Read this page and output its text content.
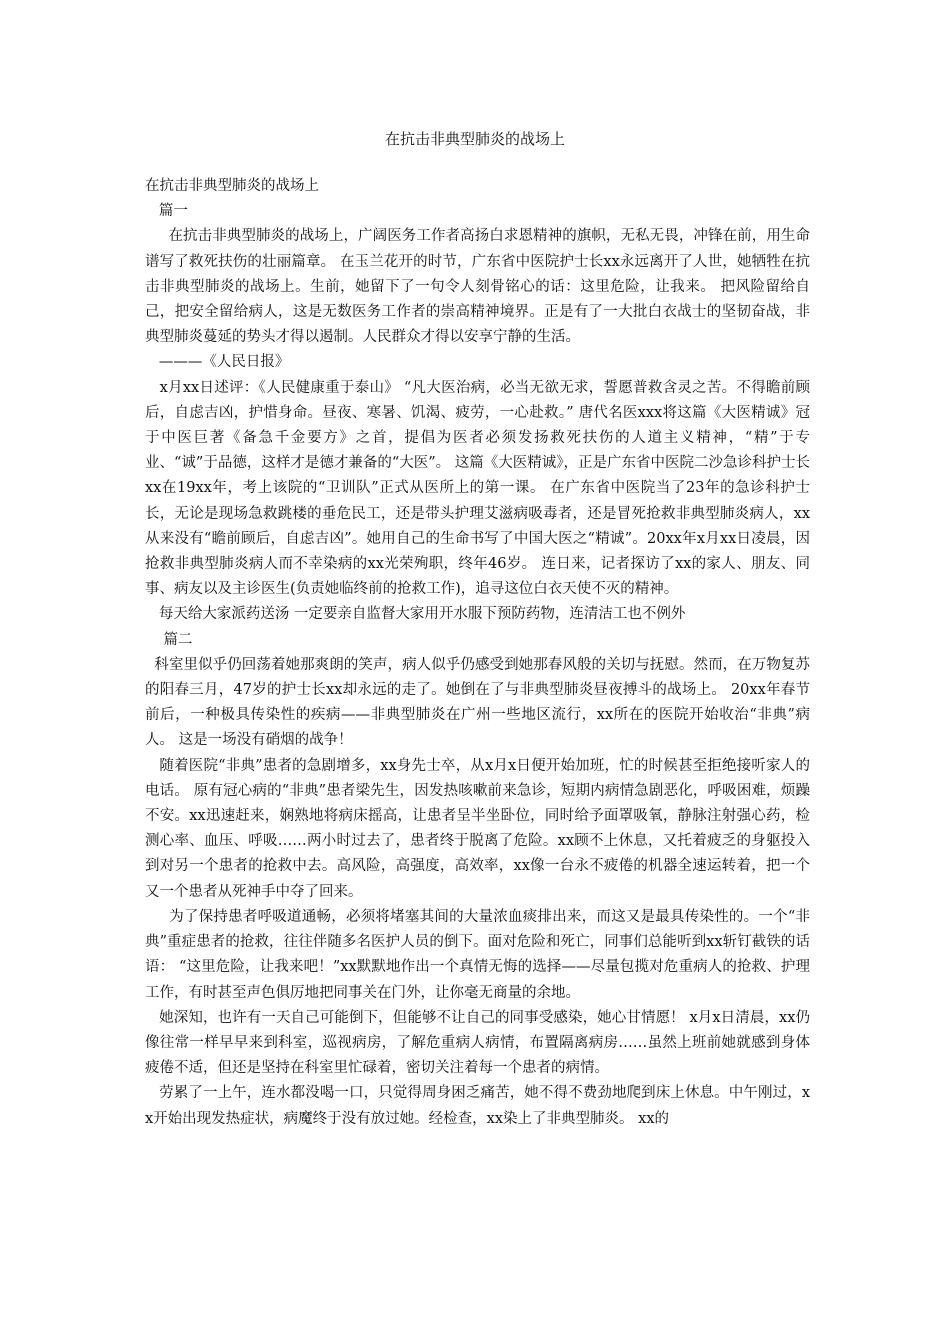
在抗击非典型肺炎的战场上

在抗击非典型肺炎的战场上

篇一

在抗击非典型肺炎的战场上，广阔医务工作者高扬白求恩精神的旗帜，无私无畏，冲锋在前，用生命谱写了救死扶伤的壮丽篇章。 在玉兰花开的时节，广东省中医院护士长xx永远离开了人世，她牺牲在抗击非典型肺炎的战场上。生前，她留下了一句令人刻骨铭心的话：这里危险，让我来。 把风险留给自己，把安全留给病人，这是无数医务工作者的崇高精神境界。正是有了一大批白衣战士的坚韧奋战，非典型肺炎蔓延的势头才得以遏制。人民群众才得以安享宁静的生活。

———《人民日报》

x月xx日述评：《人民健康重于泰山》 “凡大医治病，必当无欲无求，誓愿普救含灵之苦。不得瞻前顾后，自虑吉凶，护惜身命。昼夜、寒暑、饥渴、疲劳，一心赴救。” 唐代名医xxx将这篇《大医精诚》冠于中医巨著《备急千金要方》之首，提倡为医者必须发扬救死扶伤的人道主义精神，“精”于专业、“诚”于品德，这样才是德才兼备的“大医”。 这篇《大医精诚》，正是广东省中医院二沙急诊科护士长xx在19xx年，考上该院的“卫训队”正式从医所上的第一课。 在广东省中医院当了23年的急诊科护士长，无论是现场急救跳楼的垂危民工，还是带头护理艾滋病吸毒者，还是冒死抢救非典型肺炎病人，xx从来没有“瞻前顾后，自虑吉凶”。她用自己的生命书写了中国大医之“精诚”。20xx年x月xx日凌晨，因抢救非典型肺炎病人而不幸染病的xx光荣殉职，终年46岁。 连日来，记者探访了xx的家人、朋友、同事、病友以及主诊医生(负责她临终前的抢救工作)，追寻这位白衣天使不灭的精神。

每天给大家派药送汤 一定要亲自监督大家用开水服下预防药物，连清洁工也不例外

篇二

科室里似乎仍回荡着她那爽朗的笑声，病人似乎仍感受到她那春风般的关切与抚慰。然而，在万物复苏的阳春三月，47岁的护士长xx却永远的走了。她倒在了与非典型肺炎昼夜搏斗的战场上。 20xx年春节前后，一种极具传染性的疾病——非典型肺炎在广州一些地区流行，xx所在的医院开始收治“非典”病人。 这是一场没有硝烟的战争！

随着医院“非典”患者的急剧增多，xx身先士卒，从x月x日便开始加班，忙的时候甚至拒绝接听家人的电话。 原有冠心病的“非典”患者梁先生，因发热咳嗽前来急诊，短期内病情急剧恶化，呼吸困难，烦躁不安。xx迅速赶来，娴熟地将病床摇高，让患者呈半坐卧位，同时给予面罩吸氧，静脉注射强心药，检测心率、血压、呼吸……两小时过去了，患者终于脱离了危险。xx顾不上休息，又托着疲乏的身躯投入到对另一个患者的抢救中去。高风险，高强度，高效率，xx像一台永不疲倦的机器全速运转着，把一个又一个患者从死神手中夺了回来。

为了保持患者呼吸道通畅，必须将堵塞其间的大量浓血痰排出来，而这又是最具传染性的。一个“非典”重症患者的抢救，往往伴随多名医护人员的倒下。面对危险和死亡，同事们总能听到xx斩钉截铁的话语： “这里危险，让我来吧！”xx默默地作出一个真情无悔的选择——尽量包揽对危重病人的抢救、护理工作，有时甚至声色俱厉地把同事关在门外，让你毫无商量的余地。

她深知，也许有一天自己可能倒下，但能够不让自己的同事受感染，她心甘情愿！ x月x日清晨，xx仍像往常一样早早来到科室，巡视病房，了解危重病人病情，布置隔离病房……虽然上班前她就感到身体疲倦不适，但还是坚持在科室里忙碌着，密切关注着每一个患者的病情。

劳累了一上午，连水都没喝一口，只觉得周身困乏痛苦，她不得不费劲地爬到床上休息。中午刚过，xx开始出现发热症状，病魔终于没有放过她。经检查，xx染上了非典型肺炎。 xx的
